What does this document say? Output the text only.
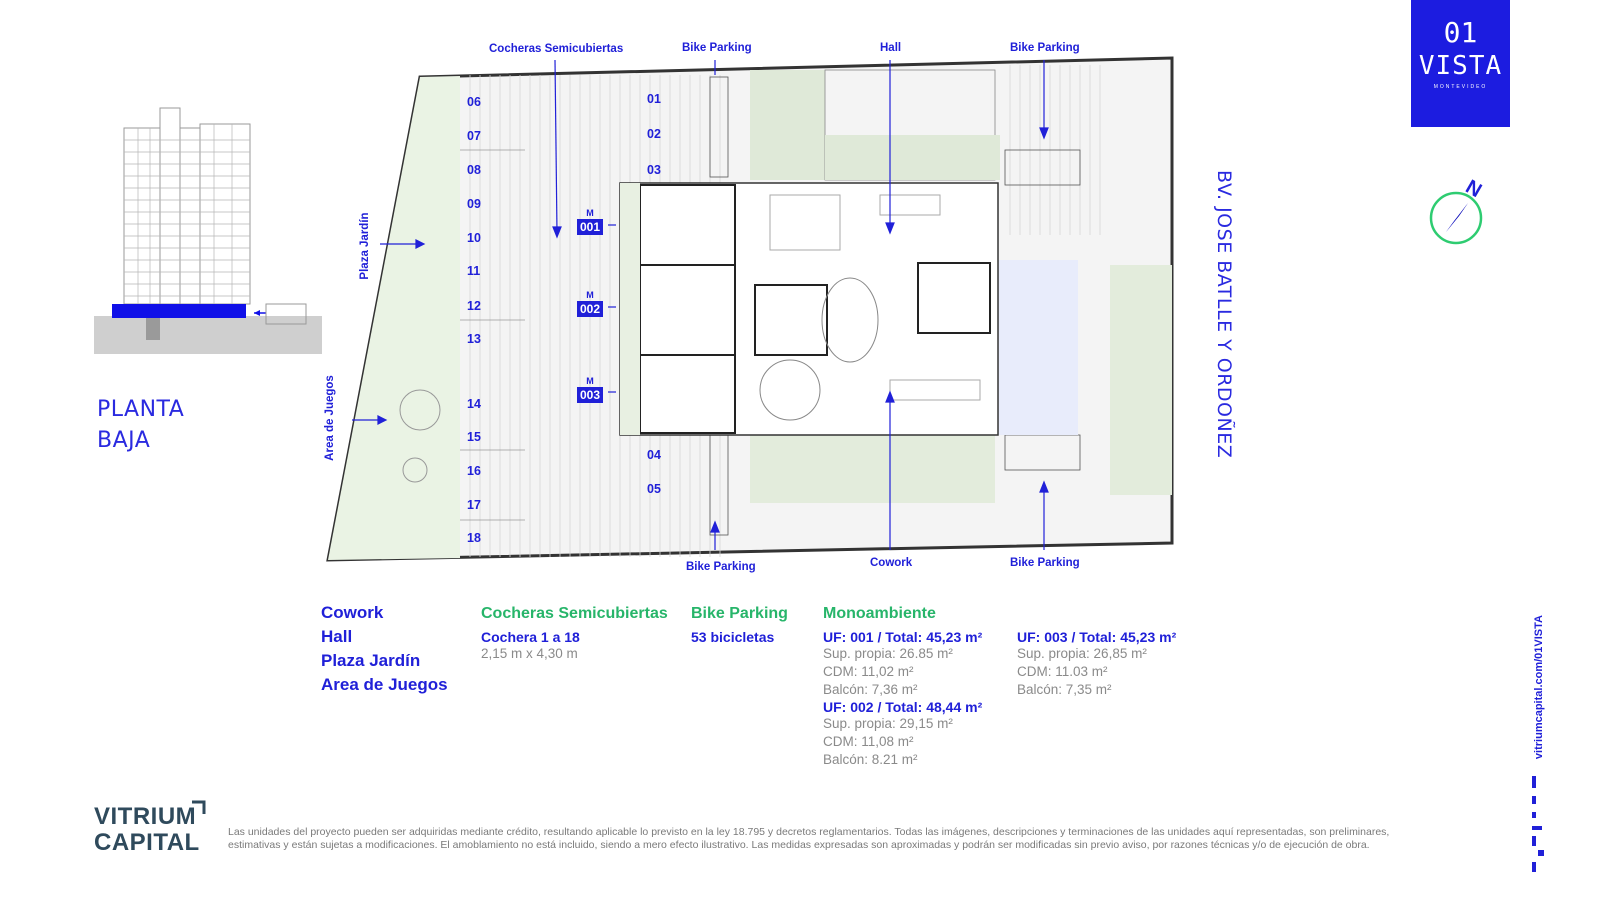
PLANTA
BAJA
Cocheras Semicubiertas	Bike Parking	Hall	Bike Parking
Bike Parking	Cowork	Bike Parking
Plaza Jardín
Area de Juegos
06
07
08
09
10
11
12
13
14
15
16
17
18
01
02
03
04
05
M
001
M
002
M
003
01
VISTA
MONTEVIDEO
N
BV. JOSE BATLLE Y ORDOÑEZ
Cowork
Hall
Plaza Jardín
Area de Juegos
Cocheras Semicubiertas
Cochera 1 a 18
2,15 m x 4,30 m
Bike Parking
53 bicicletas
Monoambiente
UF: 001 / Total: 45,23 m²
Sup. propia: 26.85 m²
CDM: 11,02 m²
Balcón: 7,36 m²
UF: 002 / Total: 48,44 m²
Sup. propia: 29,15 m²
CDM: 11,08 m²
Balcón: 8.21 m²
UF: 003 / Total: 45,23 m²
Sup. propia: 26,85 m²
CDM: 11.03 m²
Balcón: 7,35 m²
VITRIUM
CAPITAL	Las unidades del proyecto pueden ser adquiridas mediante crédito, resultando aplicable lo previsto en la ley 18.795 y decretos reglamentarios. Todas las imágenes, descripciones y terminaciones de las unidades aquí representadas, son preliminares,
estimativas y están sujetas a modificaciones. El amoblamiento no está incluido, siendo a mero efecto ilustrativo. Las medidas expresadas son aproximadas y podrán ser modificadas sin previo aviso, por razones técnicas y/o de ejecución de obra.
vitriumcapital.com/01VISTA
